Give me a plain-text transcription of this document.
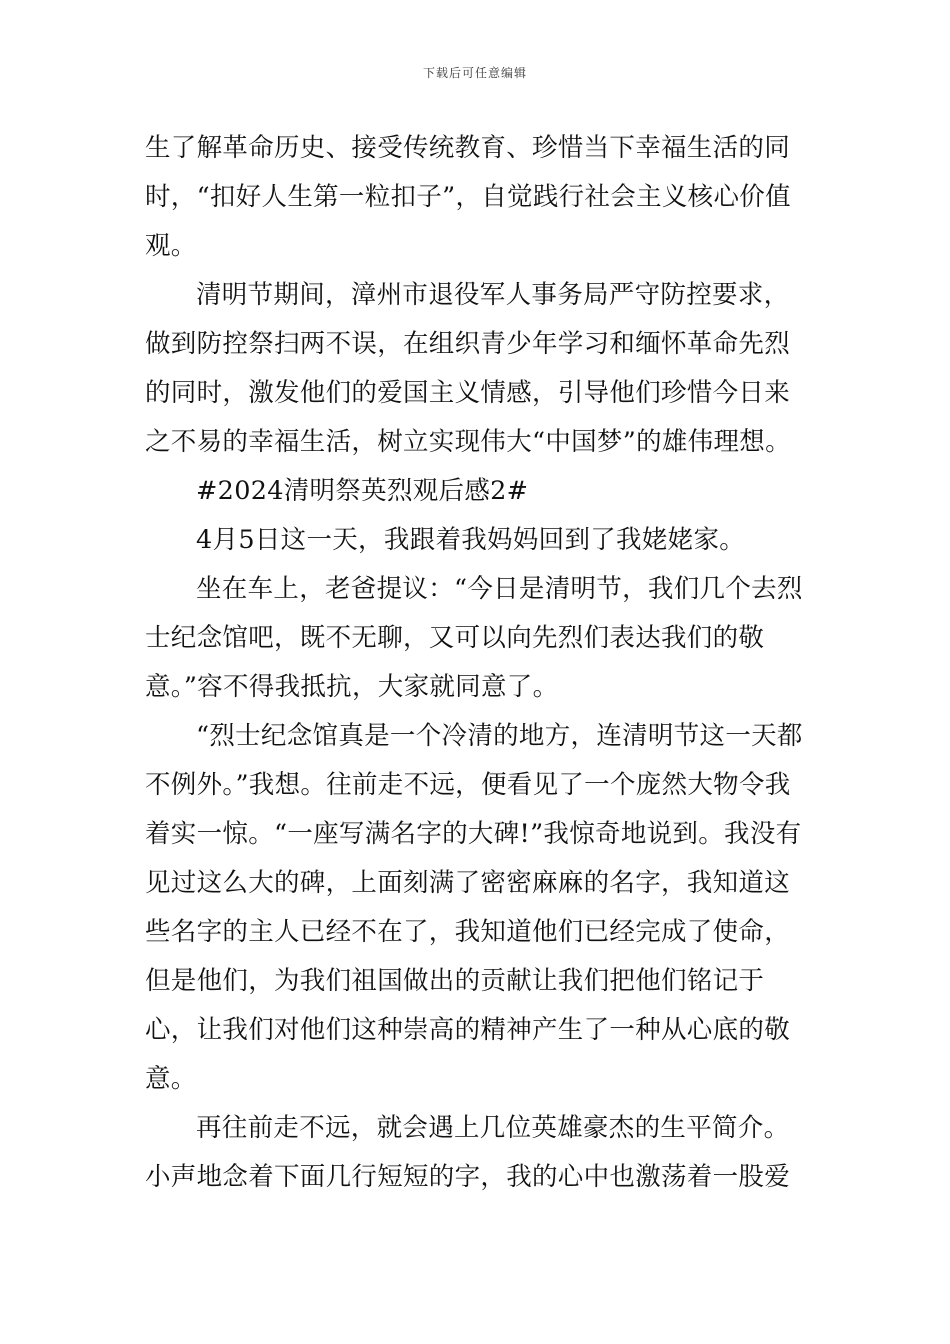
下载后可任意编辑

生了解革命历史、接受传统教育、珍惜当下幸福生活的同时，“扣好人生第一粒扣子”，自觉践行社会主义核心价值观。

清明节期间，漳州市退役军人事务局严守防控要求，做到防控祭扫两不误，在组织青少年学习和缅怀革命先烈的同时，激发他们的爱国主义情感，引导他们珍惜今日来之不易的幸福生活，树立实现伟大“中国梦”的雄伟理想。

#2024清明祭英烈观后感2#

4月5日这一天，我跟着我妈妈回到了我姥姥家。

坐在车上，老爸提议：“今日是清明节，我们几个去烈士纪念馆吧，既不无聊，又可以向先烈们表达我们的敬意。”容不得我抵抗，大家就同意了。

“烈士纪念馆真是一个冷清的地方，连清明节这一天都不例外。”我想。往前走不远，便看见了一个庞然大物令我着实一惊。“一座写满名字的大碑!”我惊奇地说到。我没有见过这么大的碑，上面刻满了密密麻麻的名字，我知道这些名字的主人已经不在了，我知道他们已经完成了使命，但是他们，为我们祖国做出的贡献让我们把他们铭记于心，让我们对他们这种崇高的精神产生了一种从心底的敬意。

再往前走不远，就会遇上几位英雄豪杰的生平简介。小声地念着下面几行短短的字，我的心中也激荡着一股爱
